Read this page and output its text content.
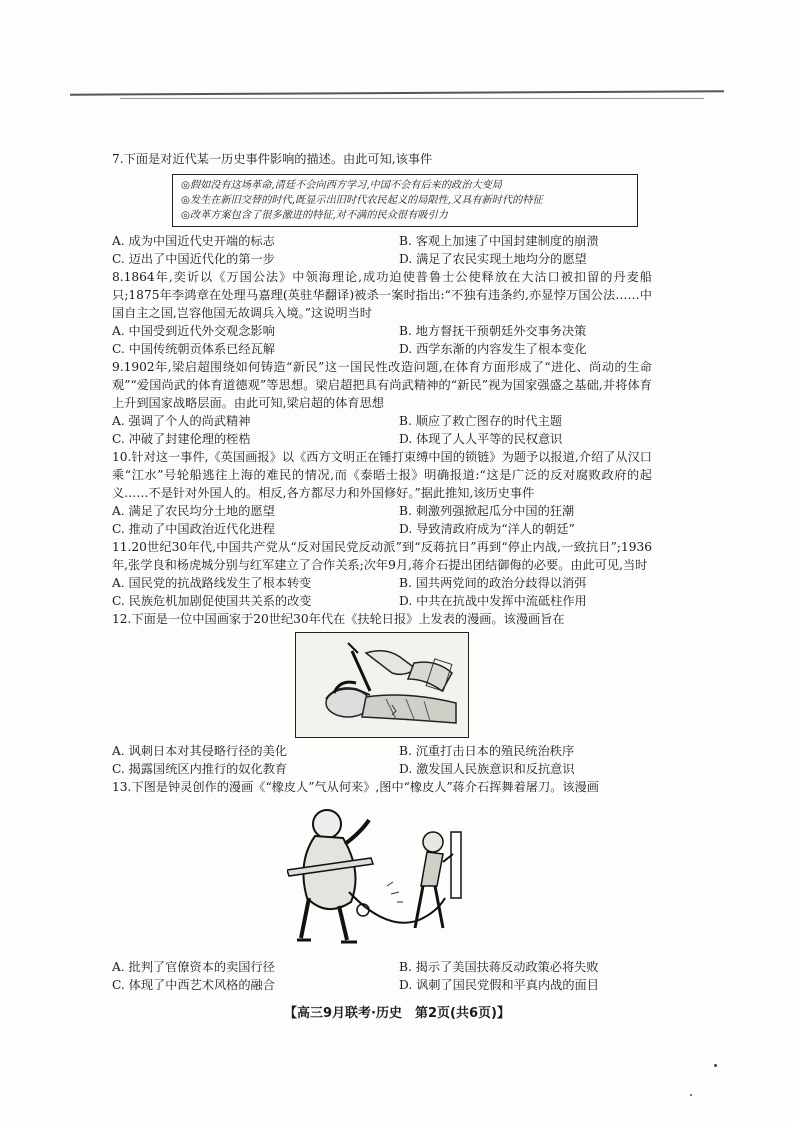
7.下面是对近代某一历史事件影响的描述。由此可知,该事件
◎假如没有这场革命,清廷不会向西方学习,中国不会有后来的政治大变局
◎发生在新旧交替的时代,既显示出旧时代农民起义的局限性,又具有新时代的特征
◎改革方案包含了很多激进的特征,对不满的民众很有吸引力
A. 成为中国近代史开端的标志	B. 客观上加速了中国封建制度的崩溃
C. 迈出了中国近代化的第一步	D. 满足了农民实现土地均分的愿望
8.1864年,奕䜣以《万国公法》中领海理论,成功迫使普鲁士公使释放在大沽口被扣留的丹麦船只;1875年李鸿章在处理马嘉理(英驻华翻译)被杀一案时指出:“不独有违条约,亦显悖万国公法……中国自主之国,岂容他国无故调兵入境。”这说明当时
A. 中国受到近代外交观念影响	B. 地方督抚干预朝廷外交事务决策
C. 中国传统朝贡体系已经瓦解	D. 西学东渐的内容发生了根本变化
9.1902年,梁启超围绕如何铸造“新民”这一国民性改造问题,在体育方面形成了“进化、尚动的生命观”“爱国尚武的体育道德观”等思想。梁启超把具有尚武精神的“新民”视为国家强盛之基础,并将体育上升到国家战略层面。由此可知,梁启超的体育思想
A. 强调了个人的尚武精神	B. 顺应了救亡图存的时代主题
C. 冲破了封建伦理的桎梏	D. 体现了人人平等的民权意识
10.针对这一事件,《英国画报》以《西方文明正在锤打束缚中国的锁链》为题予以报道,介绍了从汉口乘“江水”号轮船逃往上海的难民的情况,而《泰晤士报》明确报道:“这是广泛的反对腐败政府的起义……不是针对外国人的。相反,各方都尽力和外国修好。”据此推知,该历史事件
A. 满足了农民均分土地的愿望	B. 刺激列强掀起瓜分中国的狂潮
C. 推动了中国政治近代化进程	D. 导致清政府成为“洋人的朝廷”
11.20世纪30年代,中国共产党从“反对国民党反动派”到“反蒋抗日”再到“停止内战,一致抗日”;1936年,张学良和杨虎城分别与红军建立了合作关系;次年9月,蒋介石提出团结御侮的必要。由此可见,当时
A. 国民党的抗战路线发生了根本转变	B. 国共两党间的政治分歧得以消弭
C. 民族危机加剧促使国共关系的改变	D. 中共在抗战中发挥中流砥柱作用
12.下面是一位中国画家于20世纪30年代在《扶轮日报》上发表的漫画。该漫画旨在
A. 讽刺日本对其侵略行径的美化	B. 沉重打击日本的殖民统治秩序
C. 揭露国统区内推行的奴化教育	D. 激发国人民族意识和反抗意识
13.下图是钟灵创作的漫画《“橡皮人”气从何来》,图中“橡皮人”蒋介石挥舞着屠刀。该漫画
A. 批判了官僚资本的卖国行径	B. 揭示了美国扶蒋反动政策必将失败
C. 体现了中西艺术风格的融合	D. 讽刺了国民党假和平真内战的面目
【高三9月联考·历史　第2页(共6页)】
